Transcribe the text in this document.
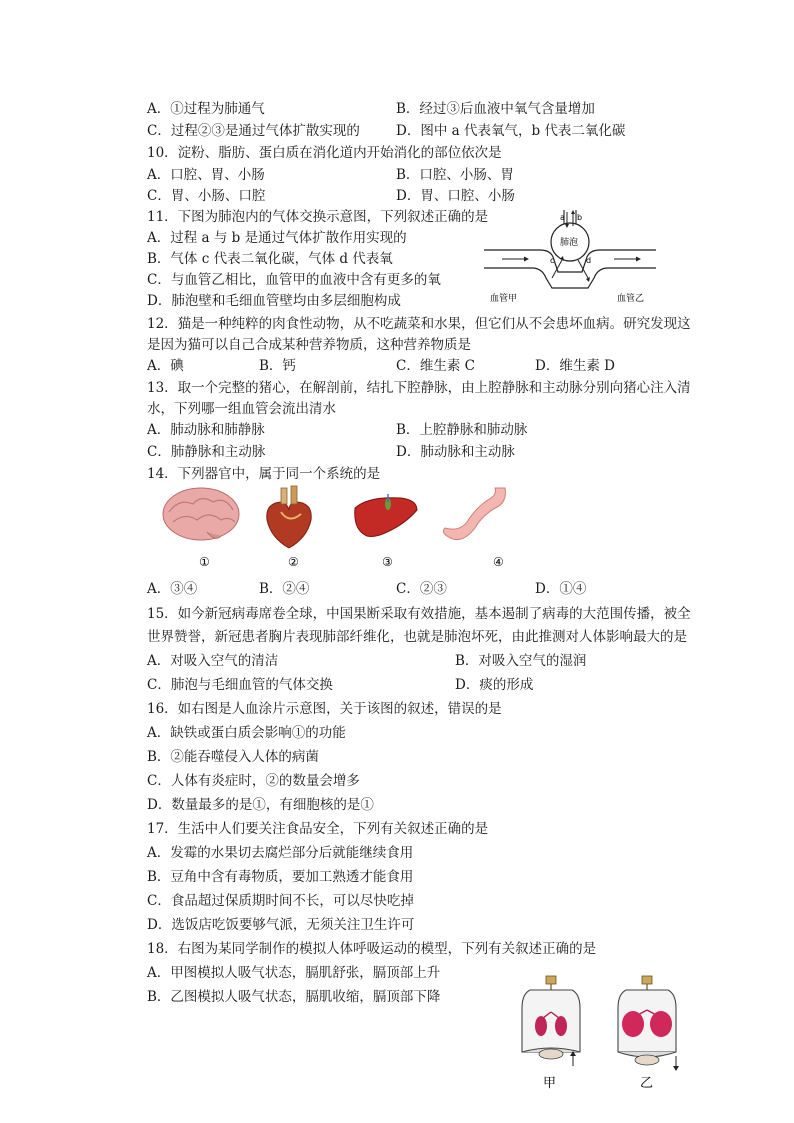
A．①过程为肺通气	B．经过③后血液中氧气含量增加
C．过程②③是通过气体扩散实现的	D．图中 a 代表氧气，b 代表二氧化碳
10．淀粉、脂肪、蛋白质在消化道内开始消化的部位依次是
A．口腔、胃、小肠	B．口腔、小肠、胃
C．胃、小肠、口腔	D．胃、口腔、小肠
11．下图为肺泡内的气体交换示意图，下列叙述正确的是
A．过程 a 与 b 是通过气体扩散作用实现的
B．气体 c 代表二氧化碳，气体 d 代表氧
C．与血管乙相比，血管甲的血液中含有更多的氧
D．肺泡壁和毛细血管壁均由多层细胞构成
a b
肺泡
c	d
血管甲	血管乙
12．猫是一种纯粹的肉食性动物，从不吃蔬菜和水果，但它们从不会患坏血病。研究发现这
是因为猫可以自己合成某种营养物质，这种营养物质是
A．碘	B．钙	C．维生素 C	D．维生素 D
13．取一个完整的猪心，在解剖前，结扎下腔静脉，由上腔静脉和主动脉分别向猪心注入清
水，下列哪一组血管会流出清水
A．肺动脉和肺静脉	B．上腔静脉和肺动脉
C．肺静脉和主动脉	D．肺动脉和主动脉
14．下列器官中，属于同一个系统的是
①	②	③	④
A．③④	B．②④	C．②③	D．①④
15．如今新冠病毒席卷全球，中国果断采取有效措施，基本遏制了病毒的大范围传播，被全
世界赞誉，新冠患者胸片表现肺部纤维化，也就是肺泡坏死，由此推测对人体影响最大的是
A．对吸入空气的清洁	B．对吸入空气的湿润
C．肺泡与毛细血管的气体交换	D．痰的形成
16．如右图是人血涂片示意图，关于该图的叙述，错误的是
A．缺铁或蛋白质会影响①的功能
B．②能吞噬侵入人体的病菌
C．人体有炎症时，②的数量会增多
D．数量最多的是①，有细胞核的是①
17．生活中人们要关注食品安全，下列有关叙述正确的是
A．发霉的水果切去腐烂部分后就能继续食用
B．豆角中含有毒物质，要加工熟透才能食用
C．食品超过保质期时间不长，可以尽快吃掉
D．选饭店吃饭要够气派，无须关注卫生许可
18．右图为某同学制作的模拟人体呼吸运动的模型，下列有关叙述正确的是
A．甲图模拟人吸气状态，膈肌舒张，膈顶部上升
B．乙图模拟人吸气状态，膈肌收缩，膈顶部下降
甲	乙
